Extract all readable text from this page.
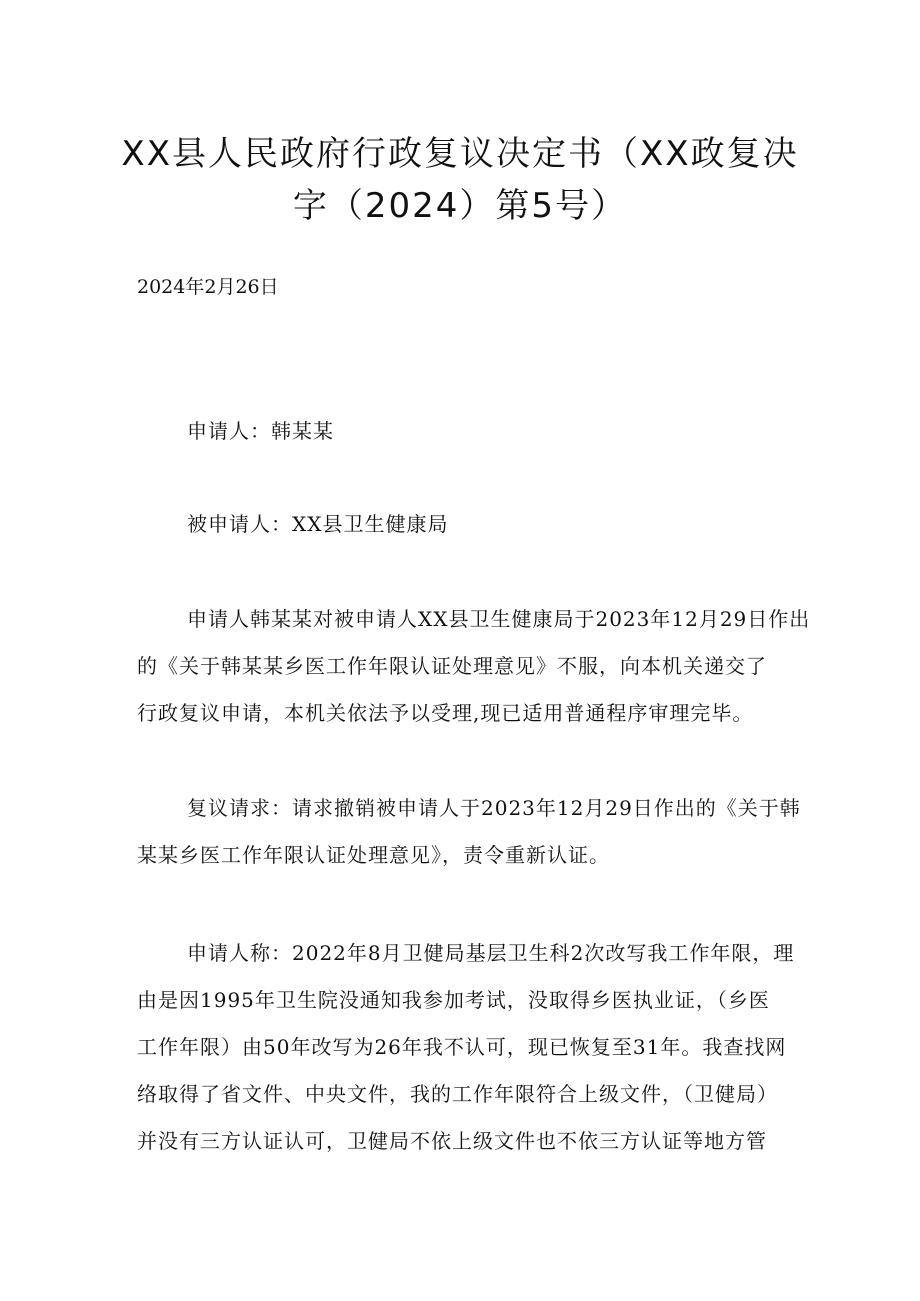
XX县人民政府行政复议决定书（XX政复决
字（2024）第5号）
2024年2月26日

申请人：韩某某

被申请人：XX县卫生健康局

申请人韩某某对被申请人XX县卫生健康局于2023年12月29日作出
的《关于韩某某乡医工作年限认证处理意见》不服，向本机关递交了
行政复议申请，本机关依法予以受理,现已适用普通程序审理完毕。

复议请求：请求撤销被申请人于2023年12月29日作出的《关于韩
某某乡医工作年限认证处理意见》，责令重新认证。

申请人称：2022年8月卫健局基层卫生科2次改写我工作年限，理
由是因1995年卫生院没通知我参加考试，没取得乡医执业证，（乡医
工作年限）由50年改写为26年我不认可，现已恢复至31年。我查找网
络取得了省文件、中央文件，我的工作年限符合上级文件，（卫健局）
并没有三方认证认可，卫健局不依上级文件也不依三方认证等地方管
